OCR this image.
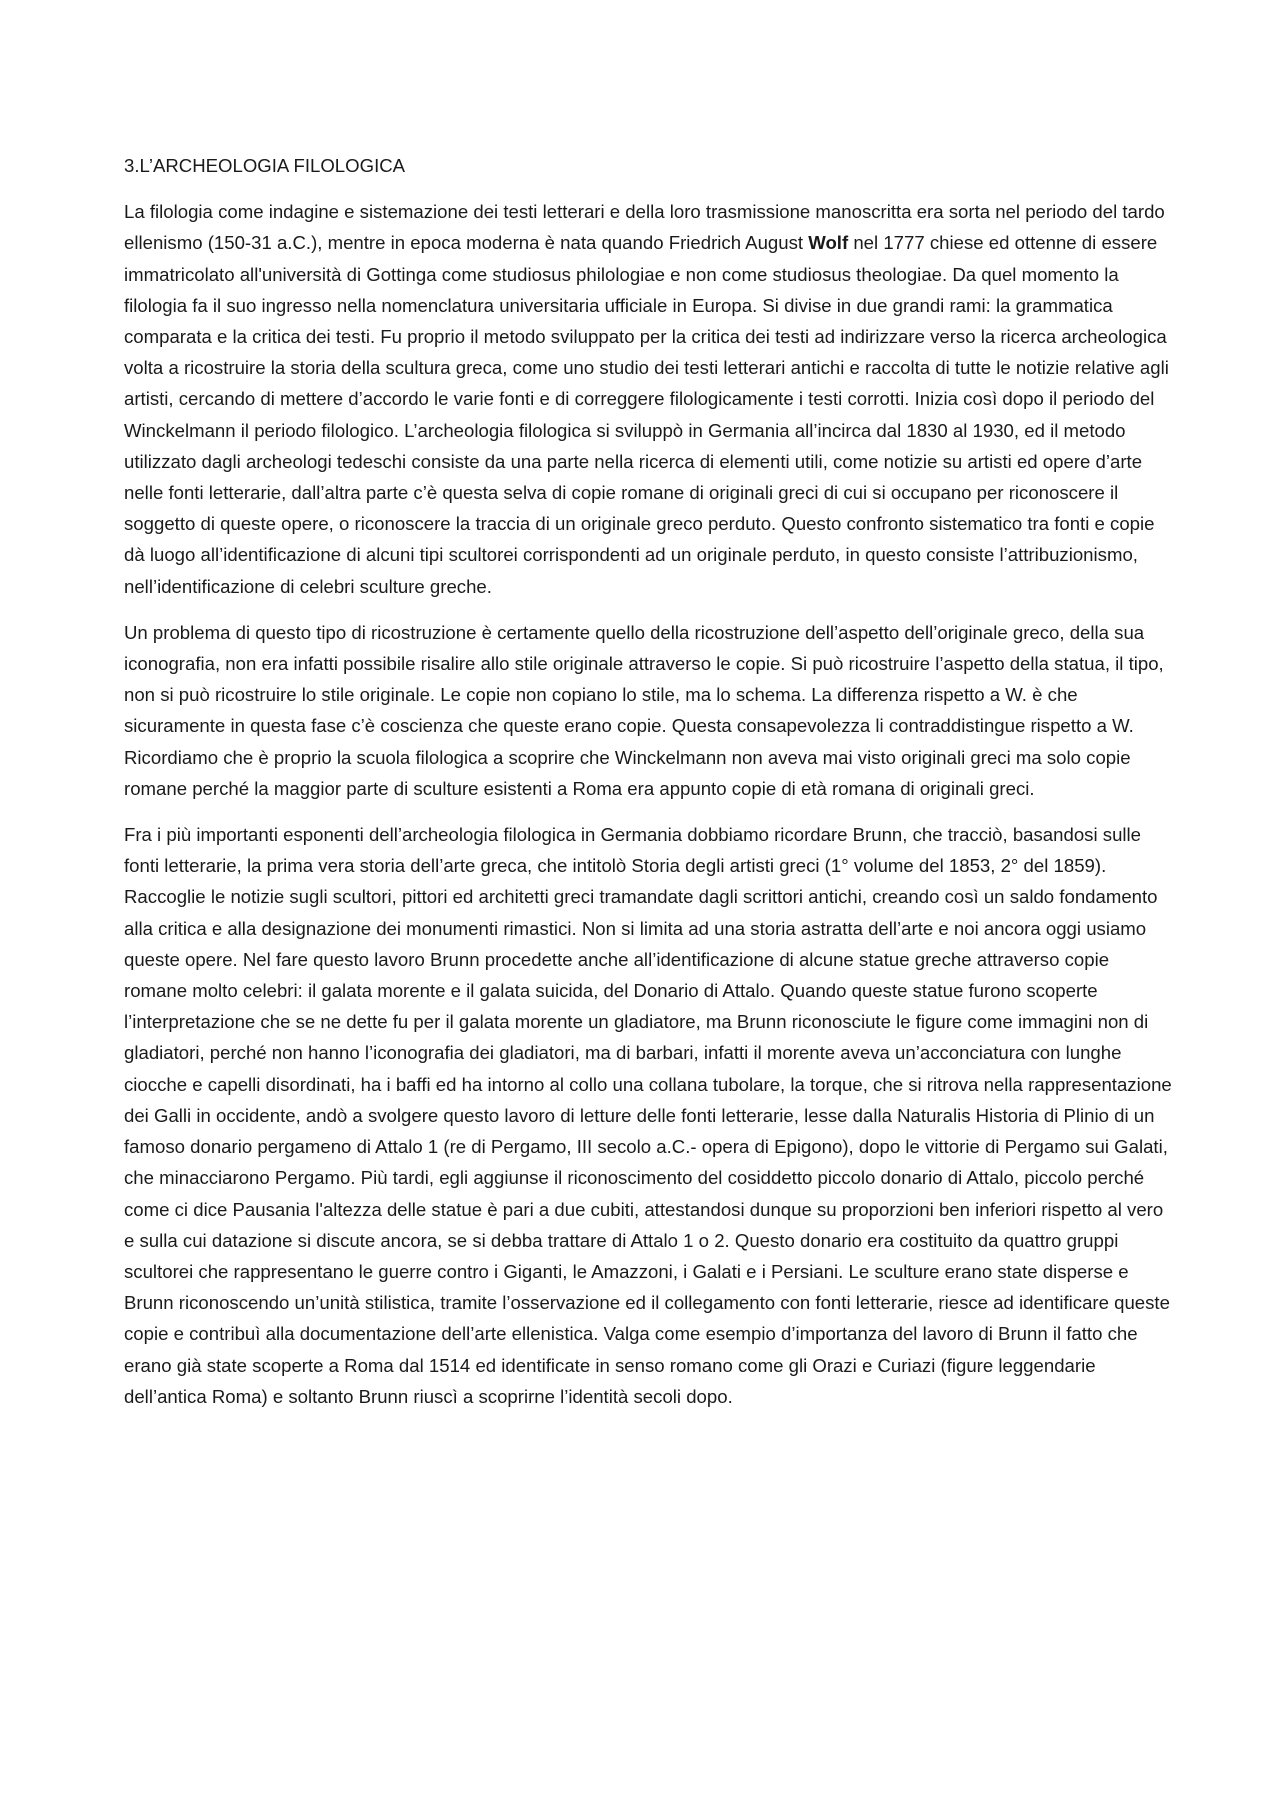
3.L’ARCHEOLOGIA FILOLOGICA

La filologia come indagine e sistemazione dei testi letterari e della loro trasmissione manoscritta era sorta nel periodo del tardo ellenismo (150-31 a.C.), mentre in epoca moderna è nata quando Friedrich August Wolf nel 1777 chiese ed ottenne di essere immatricolato all'università di Gottinga come studiosus philologiae e non come studiosus theologiae. Da quel momento la filologia fa il suo ingresso nella nomenclatura universitaria ufficiale in Europa. Si divise in due grandi rami: la grammatica comparata e la critica dei testi. Fu proprio il metodo sviluppato per la critica dei testi ad indirizzare verso la ricerca archeologica volta a ricostruire la storia della scultura greca, come uno studio dei testi letterari antichi e raccolta di tutte le notizie relative agli artisti, cercando di mettere d’accordo le varie fonti e di correggere filologicamente i testi corrotti. Inizia così dopo il periodo del Winckelmann il periodo filologico. L’archeologia filologica si sviluppò in Germania all’incirca dal 1830 al 1930, ed il metodo utilizzato dagli archeologi tedeschi consiste da una parte nella ricerca di elementi utili, come notizie su artisti ed opere d’arte nelle fonti letterarie, dall’altra parte c’è questa selva di copie romane di originali greci di cui si occupano per riconoscere il soggetto di queste opere, o riconoscere la traccia di un originale greco perduto. Questo confronto sistematico tra fonti e copie dà luogo all’identificazione di alcuni tipi scultorei corrispondenti ad un originale perduto, in questo consiste l’attribuzionismo, nell’identificazione di celebri sculture greche.

Un problema di questo tipo di ricostruzione è certamente quello della ricostruzione dell’aspetto dell’originale greco, della sua iconografia, non era infatti possibile risalire allo stile originale attraverso le copie. Si può ricostruire l’aspetto della statua, il tipo, non si può ricostruire lo stile originale. Le copie non copiano lo stile, ma lo schema. La differenza rispetto a W. è che sicuramente in questa fase c’è coscienza che queste erano copie. Questa consapevolezza li contraddistingue rispetto a W. Ricordiamo che è proprio la scuola filologica a scoprire che Winckelmann non aveva mai visto originali greci ma solo copie romane perché la maggior parte di sculture esistenti a Roma era appunto copie di età romana di originali greci.

Fra i più importanti esponenti dell’archeologia filologica in Germania dobbiamo ricordare Brunn, che tracciò, basandosi sulle fonti letterarie, la prima vera storia dell’arte greca, che intitolò Storia degli artisti greci (1° volume del 1853, 2° del 1859). Raccoglie le notizie sugli scultori, pittori ed architetti greci tramandate dagli scrittori antichi, creando così un saldo fondamento alla critica e alla designazione dei monumenti rimastici. Non si limita ad una storia astratta dell’arte e noi ancora oggi usiamo queste opere. Nel fare questo lavoro Brunn procedette anche all’identificazione di alcune statue greche attraverso copie romane molto celebri: il galata morente e il galata suicida, del Donario di Attalo. Quando queste statue furono scoperte l’interpretazione che se ne dette fu per il galata morente un gladiatore, ma Brunn riconosciute le figure come immagini non di gladiatori, perché non hanno l’iconografia dei gladiatori, ma di barbari, infatti il morente aveva un’acconciatura con lunghe ciocche e capelli disordinati, ha i baffi ed ha intorno al collo una collana tubolare, la torque, che si ritrova nella rappresentazione dei Galli in occidente, andò a svolgere questo lavoro di letture delle fonti letterarie, lesse dalla Naturalis Historia di Plinio di un famoso donario pergameno di Attalo 1 (re di Pergamo, III secolo a.C.- opera di Epigono), dopo le vittorie di Pergamo sui Galati, che minacciarono Pergamo. Più tardi, egli aggiunse il riconoscimento del cosiddetto piccolo donario di Attalo, piccolo perché come ci dice Pausania l'altezza delle statue è pari a due cubiti, attestandosi dunque su proporzioni ben inferiori rispetto al vero e sulla cui datazione si discute ancora, se si debba trattare di Attalo 1 o 2. Questo donario era costituito da quattro gruppi scultorei che rappresentano le guerre contro i Giganti, le Amazzoni, i Galati e i Persiani. Le sculture erano state disperse e Brunn riconoscendo un’unità stilistica, tramite l’osservazione ed il collegamento con fonti letterarie, riesce ad identificare queste copie e contribuì alla documentazione dell’arte ellenistica. Valga come esempio d’importanza del lavoro di Brunn il fatto che erano già state scoperte a Roma dal 1514 ed identificate in senso romano come gli Orazi e Curiazi (figure leggendarie dell’antica Roma) e soltanto Brunn riuscì a scoprirne l’identità secoli dopo.
